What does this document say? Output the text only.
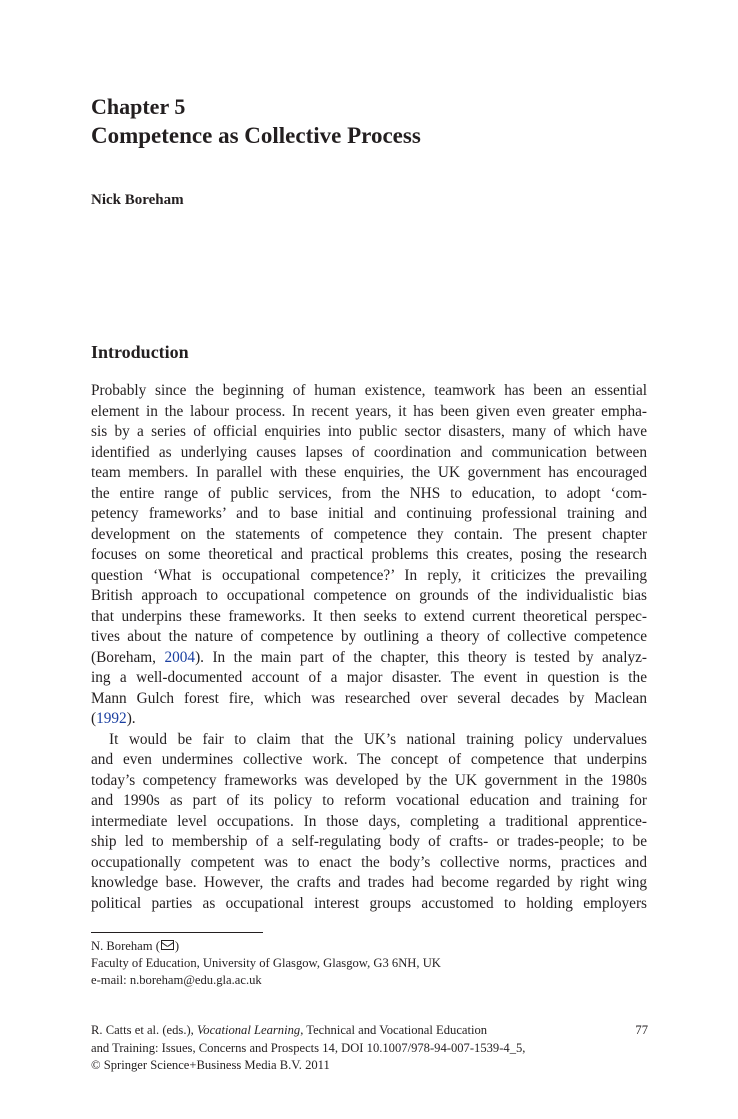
Chapter 5
Competence as Collective Process
Nick Boreham
Introduction
Probably since the beginning of human existence, teamwork has been an essential
element in the labour process. In recent years, it has been given even greater empha-
sis by a series of official enquiries into public sector disasters, many of which have
identified as underlying causes lapses of coordination and communication between
team members. In parallel with these enquiries, the UK government has encouraged
the entire range of public services, from the NHS to education, to adopt ‘com-
petency frameworks’ and to base initial and continuing professional training and
development on the statements of competence they contain. The present chapter
focuses on some theoretical and practical problems this creates, posing the research
question ‘What is occupational competence?’ In reply, it criticizes the prevailing
British approach to occupational competence on grounds of the individualistic bias
that underpins these frameworks. It then seeks to extend current theoretical perspec-
tives about the nature of competence by outlining a theory of collective competence
(Boreham, 2004). In the main part of the chapter, this theory is tested by analyz-
ing a well-documented account of a major disaster. The event in question is the
Mann Gulch forest fire, which was researched over several decades by Maclean
(1992).
It would be fair to claim that the UK’s national training policy undervalues
and even undermines collective work. The concept of competence that underpins
today’s competency frameworks was developed by the UK government in the 1980s
and 1990s as part of its policy to reform vocational education and training for
intermediate level occupations. In those days, completing a traditional apprentice-
ship led to membership of a self-regulating body of crafts- or trades-people; to be
occupationally competent was to enact the body’s collective norms, practices and
knowledge base. However, the crafts and trades had become regarded by right wing
political parties as occupational interest groups accustomed to holding employers
N. Boreham ( )
Faculty of Education, University of Glasgow, Glasgow, G3 6NH, UK
e-mail: n.boreham@edu.gla.ac.uk
R. Catts et al. (eds.), Vocational Learning, Technical and Vocational Education
and Training: Issues, Concerns and Prospects 14, DOI 10.1007/978-94-007-1539-4_5,
© Springer Science+Business Media B.V. 2011
77
